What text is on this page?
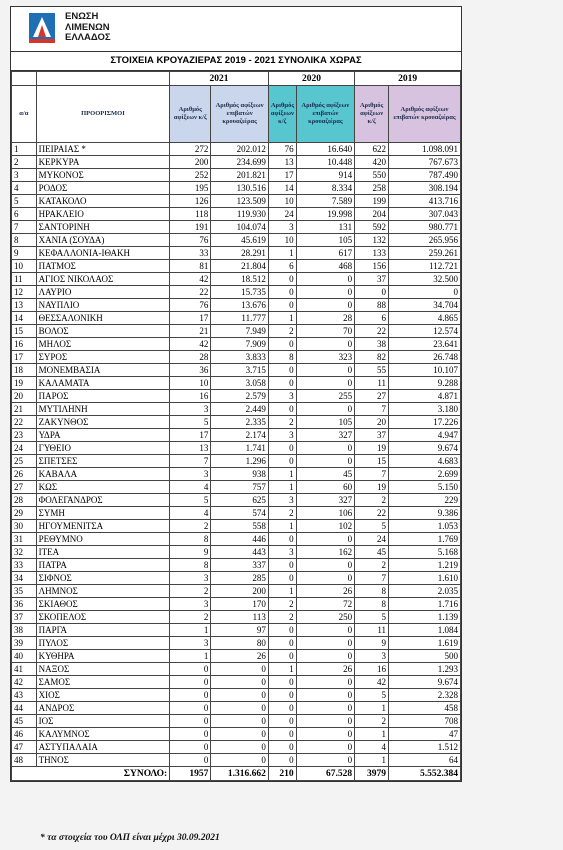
ΕΝΩΣΗ
ΛΙΜΕΝΩΝ
ΕΛΛΑΔΟΣ
ΣΤΟΙΧΕΙΑ ΚΡΟΥΑΖΙΕΡΑΣ 2019 - 2021 ΣΥΝΟΛΙΚΑ ΧΩΡΑΣ
		2021		2020		2019	
α/α	ΠΡΟΟΡΙΣΜΟΙ	Αριθμός αφίξεων κ/ζ	Αριθμός αφίξεων επιβατών κρουαζιέρας	Αριθμός αφίξεων κ/ζ	Αριθμός αφίξεων επιβατών κρουαζιέρας	Αριθμός αφίξεων κ/ζ	Αριθμός αφίξεων επιβατών κρουαζιέρας
1	ΠΕΙΡΑΙΑΣ *	272	202.012	76	16.640	622	1.098.091
2	ΚΕΡΚΥΡΑ	200	234.699	13	10.448	420	767.673
3	ΜΥΚΟΝΟΣ	252	201.821	17	914	550	787.490
4	ΡΟΔΟΣ	195	130.516	14	8.334	258	308.194
5	ΚΑΤΑΚΟΛΟ	126	123.509	10	7.589	199	413.716
6	ΗΡΑΚΛΕΙΟ	118	119.930	24	19.998	204	307.043
7	ΣΑΝΤΟΡΙΝΗ	191	104.074	3	131	592	980.771
8	ΧΑΝΙΑ (ΣΟΥΔΑ)	76	45.619	10	105	132	265.956
9	ΚΕΦΑΛΛΟΝΙΑ-ΙΘΑΚΗ	33	28.291	1	617	133	259.261
10	ΠΑΤΜΟΣ	81	21.804	6	468	156	112.721
11	ΑΓΙΟΣ ΝΙΚΟΛΑΟΣ	42	18.512	0	0	37	32.500
12	ΛΑΥΡΙΟ	22	15.735	0	0	0	0
13	ΝΑΥΠΛΙΟ	76	13.676	0	0	88	34.704
14	ΘΕΣΣΑΛΟΝΙΚΗ	17	11.777	1	28	6	4.865
15	ΒΟΛΟΣ	21	7.949	2	70	22	12.574
16	ΜΗΛΟΣ	42	7.909	0	0	38	23.641
17	ΣΥΡΟΣ	28	3.833	8	323	82	26.748
18	ΜΟΝΕΜΒΑΣΙΑ	36	3.715	0	0	55	10.107
19	ΚΑΛΑΜΑΤΑ	10	3.058	0	0	11	9.288
20	ΠΑΡΟΣ	16	2.579	3	255	27	4.871
21	ΜΥΤΙΛΗΝΗ	3	2.449	0	0	7	3.180
22	ΖΑΚΥΝΘΟΣ	5	2.335	2	105	20	17.226
23	ΥΔΡΑ	17	2.174	3	327	37	4.947
24	ΓΥΘΕΙΟ	13	1.741	0	0	19	9.674
25	ΣΠΕΤΣΕΣ	7	1.296	0	0	15	4.683
26	ΚΑΒΑΛΑ	3	938	1	45	7	2.699
27	ΚΩΣ	4	757	1	60	19	5.150
28	ΦΟΛΕΓΑΝΔΡΟΣ	5	625	3	327	2	229
29	ΣΥΜΗ	4	574	2	106	22	9.386
30	ΗΓΟΥΜΕΝΙΤΣΑ	2	558	1	102	5	1.053
31	ΡΕΘΥΜΝΟ	8	446	0	0	24	1.769
32	ΙΤΕΑ	9	443	3	162	45	5.168
33	ΠΑΤΡΑ	8	337	0	0	2	1.219
34	ΣΙΦΝΟΣ	3	285	0	0	7	1.610
35	ΛΗΜΝΟΣ	2	200	1	26	8	2.035
36	ΣΚΙΑΘΟΣ	3	170	2	72	8	1.716
37	ΣΚΟΠΕΛΟΣ	2	113	2	250	5	1.139
38	ΠΑΡΓΑ	1	97	0	0	11	1.084
39	ΠΥΛΟΣ	3	80	0	0	9	1.619
40	ΚΥΘΗΡΑ	1	26	0	0	3	500
41	ΝΑΞΟΣ	0	0	1	26	16	1.293
42	ΣΑΜΟΣ	0	0	0	0	42	9.674
43	ΧΙΟΣ	0	0	0	0	5	2.328
44	ΑΝΔΡΟΣ	0	0	0	0	1	458
45	ΙΟΣ	0	0	0	0	2	708
46	ΚΑΛΥΜΝΟΣ	0	0	0	0	1	47
47	ΑΣΤΥΠΑΛΑΙΑ	0	0	0	0	4	1.512
48	ΤΗΝΟΣ	0	0	0	0	1	64
ΣΥΝΟΛΟ:		1957	1.316.662	210	67.528	3979	5.552.384
* τα στοιχεία του ΟΛΠ είναι μέχρι 30.09.2021
